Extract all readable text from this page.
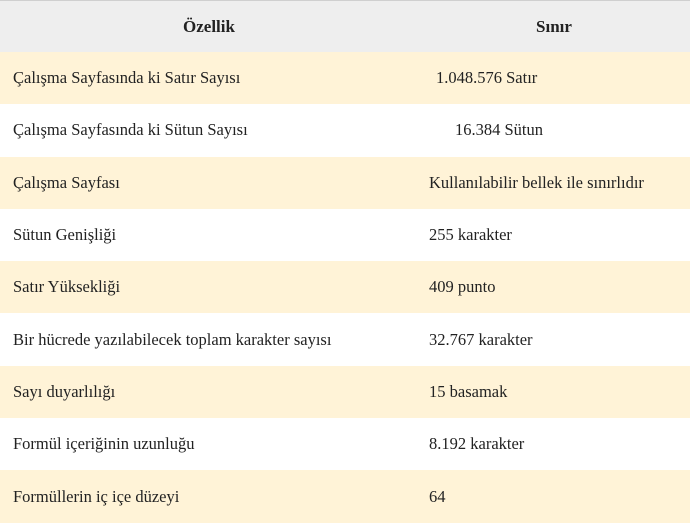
Özellik	Sınır
Çalışma Sayfasında ki Satır Sayısı	1.048.576 Satır
Çalışma Sayfasında ki Sütun Sayısı	16.384 Sütun
Çalışma Sayfası	Kullanılabilir bellek ile sınırlıdır
Sütun Genişliği	255 karakter
Satır Yüksekliği	409 punto
Bir hücrede yazılabilecek toplam karakter sayısı	32.767 karakter
Sayı duyarlılığı	15 basamak
Formül içeriğinin uzunluğu	8.192 karakter
Formüllerin iç içe düzeyi	64
